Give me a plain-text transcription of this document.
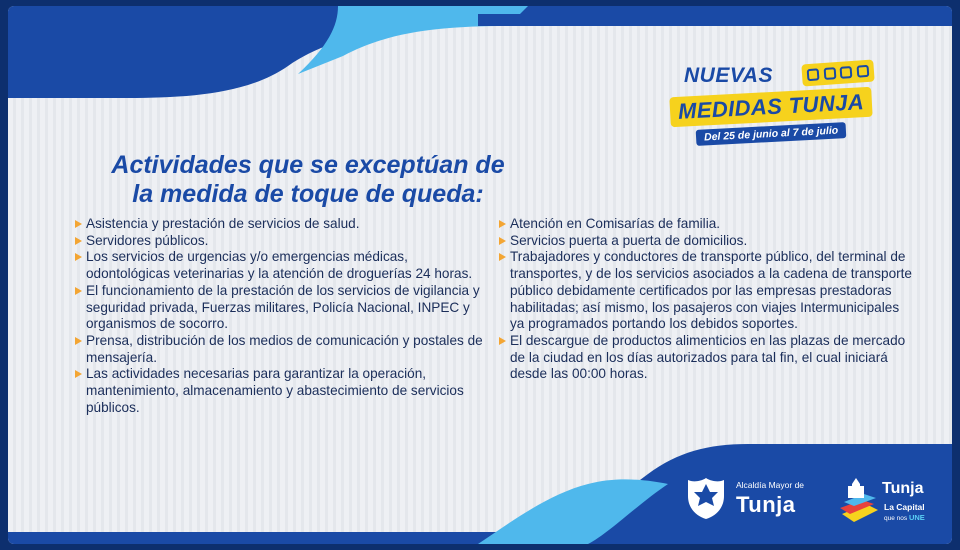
NUEVAS
MEDIDAS TUNJA
Del 25 de junio al 7 de julio
Actividades que se exceptúan de
la medida de toque de queda:
Asistencia y prestación de servicios de salud.
Servidores públicos.
Los servicios de urgencias y/o emergencias médicas, odontológicas veterinarias y la atención de droguerías 24 horas.
El funcionamiento de la prestación de los servicios de vigilancia y seguridad privada, Fuerzas militares, Policía Nacional, INPEC y organismos de socorro.
Prensa, distribución de los medios de comunicación y postales de mensajería.
Las actividades necesarias para garantizar la operación, mantenimiento, almacenamiento y abastecimiento de servicios públicos.
Atención en Comisarías de familia.
Servicios puerta a puerta de domicilios.
Trabajadores y conductores de transporte público, del terminal de transportes, y de los servicios asociados a la cadena de transporte público debidamente certificados por las empresas prestadoras habilitadas; así mismo, los pasajeros con viajes Intermunicipales ya programados portando los debidos soportes.
El descargue de productos alimenticios en las plazas de mercado de la ciudad en los días autorizados para tal fin, el cual iniciará desde las 00:00 horas.
Alcaldía Mayor de
Tunja
Tunja
La Capital
que nos UNE
